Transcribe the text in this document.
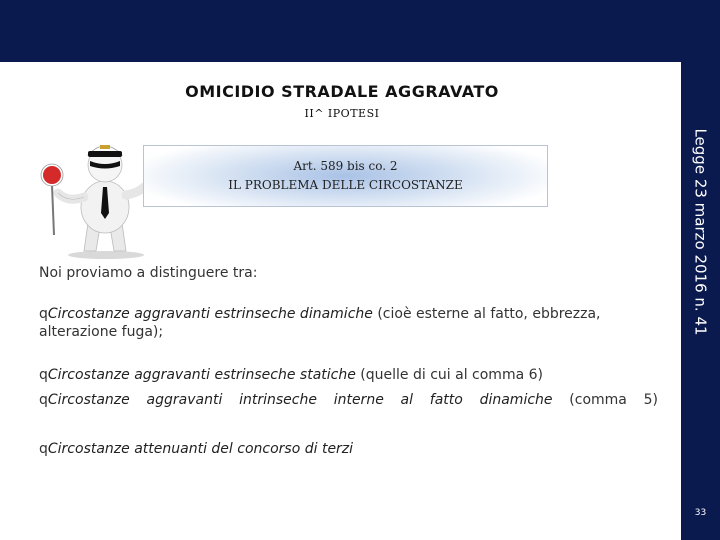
Legge 23 marzo 2016 n. 41
33
OMICIDIO STRADALE AGGRAVATO
II^ IPOTESI
Art. 589 bis co. 2
IL PROBLEMA DELLE CIRCOSTANZE
Noi proviamo a distinguere tra:
qCircostanze aggravanti estrinseche dinamiche (cioè esterne al fatto, ebbrezza, alterazione fuga);
qCircostanze aggravanti estrinseche statiche (quelle di cui al comma 6)
qCircostanze aggravanti intrinseche interne al fatto dinamiche (comma 5)
qCircostanze attenuanti del concorso di terzi
